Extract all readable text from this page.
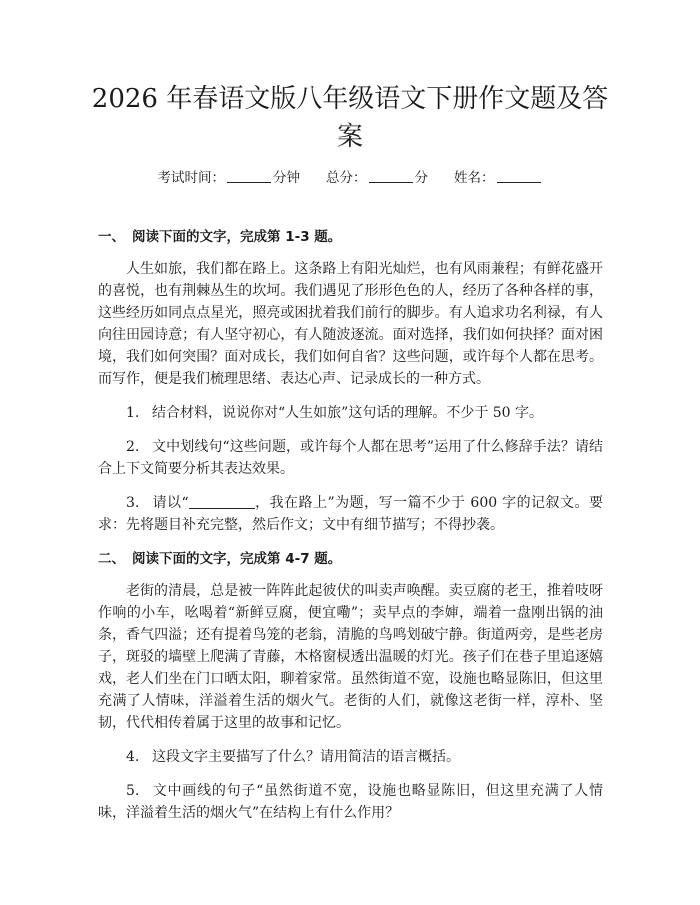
2026 年春语文版八年级语文下册作文题及答案
考试时间：	分钟 总分：	分 姓名：
一、 阅读下面的文字，完成第 1-3 题。

人生如旅，我们都在路上。这条路上有阳光灿烂，也有风雨兼程；有鲜花盛开的喜悦，也有荆棘丛生的坎坷。我们遇见了形形色色的人，经历了各种各样的事，这些经历如同点点星光，照亮或困扰着我们前行的脚步。有人追求功名利禄，有人向往田园诗意；有人坚守初心，有人随波逐流。面对选择，我们如何抉择？面对困境，我们如何突围？面对成长，我们如何自省？这些问题，或许每个人都在思考。而写作，便是我们梳理思绪、表达心声、记录成长的一种方式。

1. 结合材料，说说你对“人生如旅”这句话的理解。不少于 50 字。

2. 文中划线句“这些问题，或许每个人都在思考”运用了什么修辞手法？请结合上下文简要分析其表达效果。

3. 请以“	，我在路上”为题，写一篇不少于 600 字的记叙文。要求：先将题目补充完整，然后作文；文中有细节描写；不得抄袭。

二、 阅读下面的文字，完成第 4-7 题。

老街的清晨，总是被一阵阵此起彼伏的叫卖声唤醒。卖豆腐的老王，推着吱呀作响的小车，吆喝着“新鲜豆腐，便宜嘞”；卖早点的李婶，端着一盘刚出锅的油条，香气四溢；还有提着鸟笼的老翁，清脆的鸟鸣划破宁静。街道两旁，是些老房子，斑驳的墙壁上爬满了青藤，木格窗棂透出温暖的灯光。孩子们在巷子里追逐嬉戏，老人们坐在门口晒太阳，聊着家常。虽然街道不宽，设施也略显陈旧，但这里充满了人情味，洋溢着生活的烟火气。老街的人们，就像这老街一样，淳朴、坚韧，代代相传着属于这里的故事和记忆。

4. 这段文字主要描写了什么？请用简洁的语言概括。

5. 文中画线的句子“虽然街道不宽，设施也略显陈旧，但这里充满了人情味，洋溢着生活的烟火气”在结构上有什么作用？
